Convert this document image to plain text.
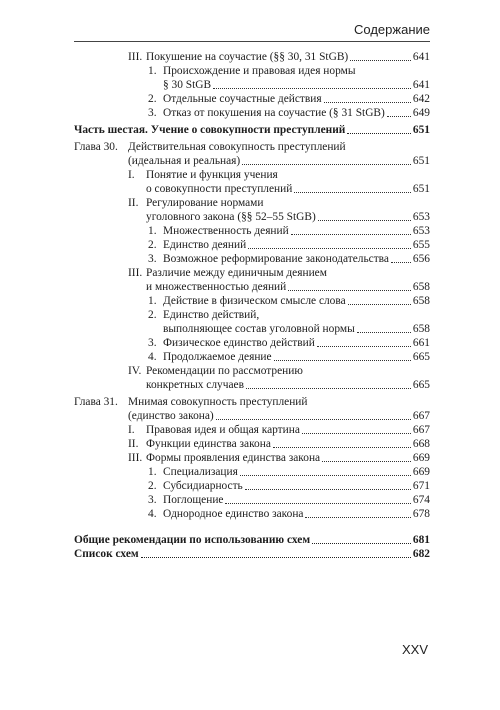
Содержание
III. Покушение на соучастие (§§ 30, 31 StGB)	641
1. Происхождение и правовая идея нормы
§ 30 StGB	641
2. Отдельные соучастные действия	642
3. Отказ от покушения на соучастие (§ 31 StGB) 649
Часть шестая. Учение о совокупности преступлений	651
Глава 30. Действительная совокупность преступлений
(идеальная и реальная)	651
I. Понятие и функция учения
о совокупности преступлений	651
II. Регулирование нормами
уголовного закона (§§ 52–55 StGB)	653
1. Множественность деяний	653
2. Единство деяний	655
3. Возможное реформирование законодательства 656
III. Различие между единичным деянием
и множественностью деяний	658
1. Действие в физическом смысле слова	658
2. Единство действий,
выполняющее состав уголовной нормы	658
3. Физическое единство действий	661
4. Продолжаемое деяние	665
IV. Рекомендации по рассмотрению
конкретных случаев	665
Глава 31. Мнимая совокупность преступлений
(единство закона)	667
I. Правовая идея и общая картина	667
II. Функции единства закона	668
III. Формы проявления единства закона	669
1. Специализация	669
2. Субсидиарность	671
3. Поглощение	674
4. Однородное единство закона	678
Общие рекомендации по использованию схем	681
Список схем	682
XXV
